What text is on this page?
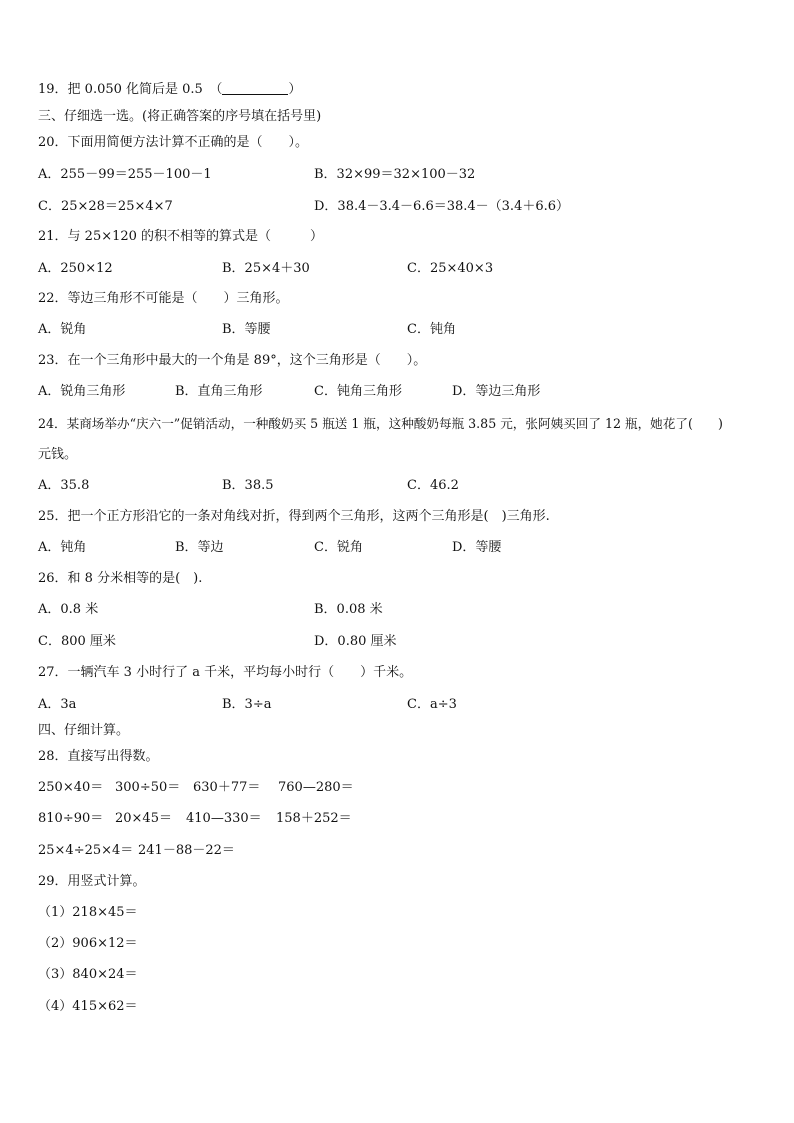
19．把 0.050 化简后是 0.5　（	）
三、仔细选一选。(将正确答案的序号填在括号里)
20．下面用简便方法计算不正确的是（　　）。
A．255－99＝255－100－1	B．32×99＝32×100－32
C．25×28＝25×4×7	D．38.4－3.4－6.6＝38.4－（3.4＋6.6）
21．与 25×120 的积不相等的算式是（　　　）
A．250×12	B．25×4＋30	C．25×40×3
22．等边三角形不可能是（　　）三角形。
A．锐角	B．等腰	C．钝角
23．在一个三角形中最大的一个角是 89°，这个三角形是（　　）。
A．锐角三角形	B．直角三角形	C．钝角三角形	D．等边三角形
24．某商场举办“庆六一”促销活动，一种酸奶买 5 瓶送 1 瓶，这种酸奶每瓶 3.85 元，张阿姨买回了 12 瓶，她花了(　　)
元钱。
A．35.8	B．38.5	C．46.2
25．把一个正方形沿它的一条对角线对折，得到两个三角形，这两个三角形是(　)三角形.
A．钝角	B．等边	C．锐角	D．等腰
26．和 8 分米相等的是(　).
A．0.8 米	B．0.08 米
C．800 厘米	D．0.80 厘米
27．一辆汽车 3 小时行了 a 千米，平均每小时行（　　）千米。
A．3a	B．3÷a	C．a÷3
四、仔细计算。
28．直接写出得数。
250×40＝ 300÷50＝ 630＋77＝ 760—280＝
810÷90＝ 20×45＝ 410—330＝ 158＋252＝
25×4÷25×4＝ 241－88－22＝
29．用竖式计算。
（1）218×45＝
（2）906×12＝
（3）840×24＝
（4）415×62＝
